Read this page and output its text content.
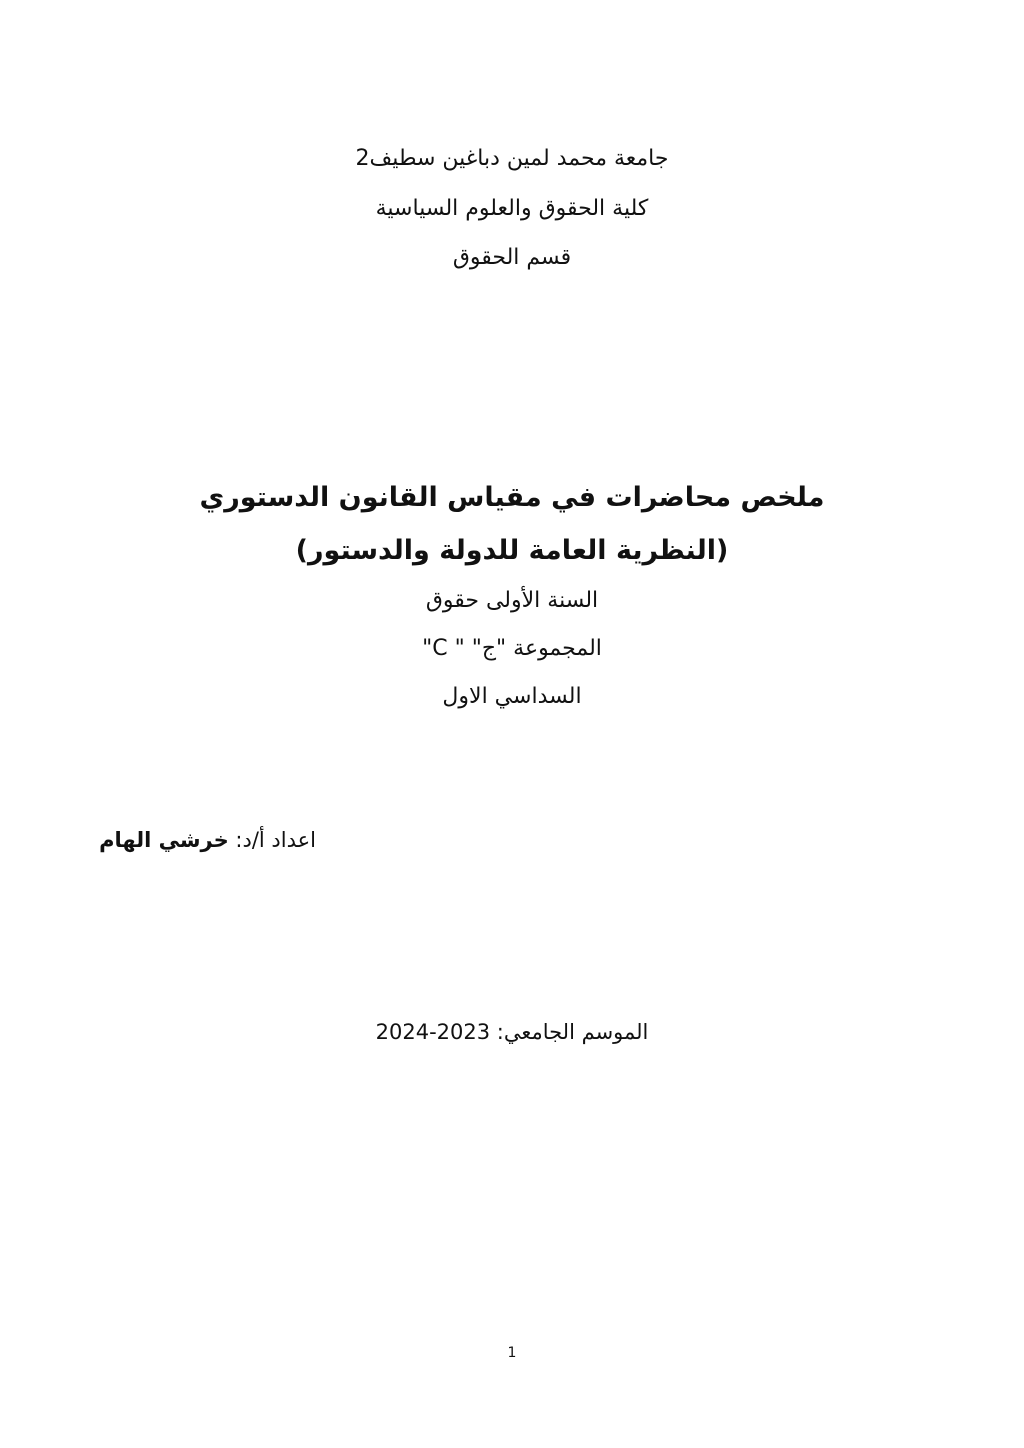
جامعة محمد لمين دباغين سطيف2
كلية الحقوق والعلوم السياسية
قسم الحقوق
ملخص محاضرات في مقياس القانون الدستوري
(النظرية العامة للدولة والدستور)
السنة الأولى حقوق
المجموعة "ج" " C"
السداسي الاول
اعداد أ/د: خرشي الهام
الموسم الجامعي: 2023-2024
1
